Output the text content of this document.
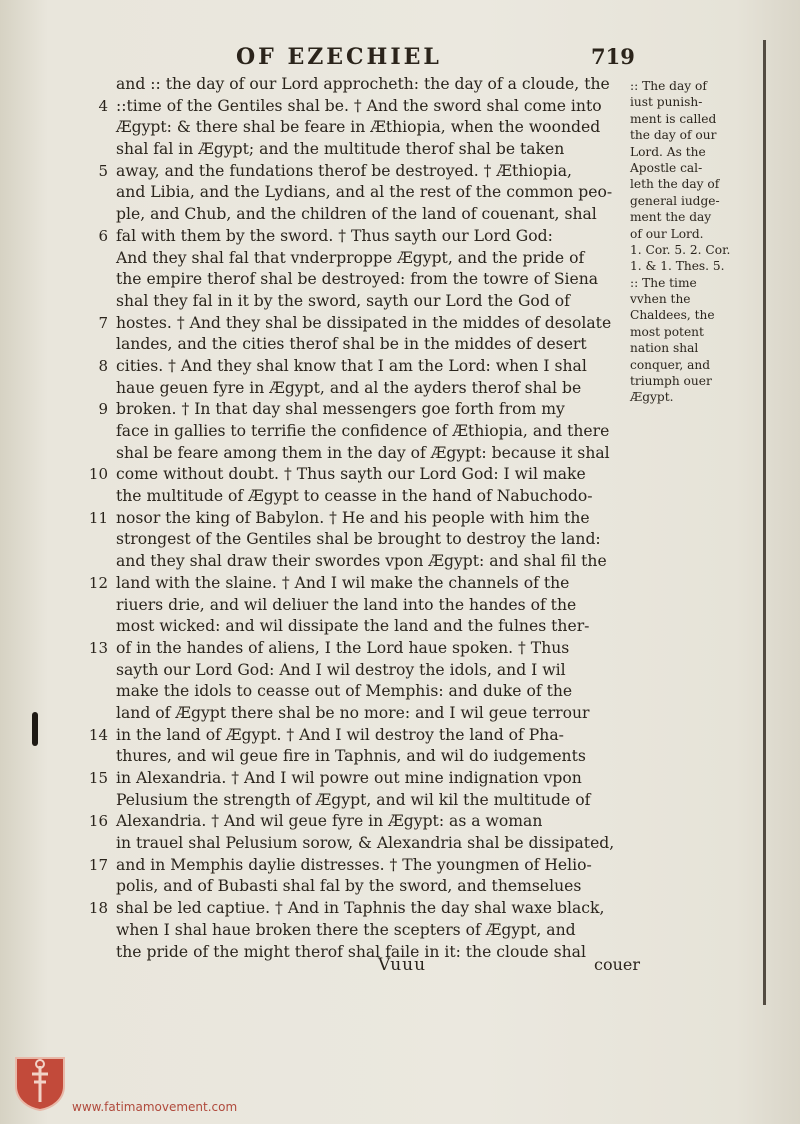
OF EZECHIEL	719
and :: the day of our Lord approcheth: the day of a cloude, the
4 ::time of the Gentiles shal be. † And the sword shal come into
Ægypt: & there shal be feare in Æthiopia, when the woonded
shal fal in Ægypt; and the multitude therof shal be taken
5 away, and the fundations therof be destroyed. † Æthiopia,
and Libia, and the Lydians, and al the rest of the common peo-
ple, and Chub, and the children of the land of couenant, shal
6 fal with them by the sword. † Thus sayth our Lord God:
And they shal fal that vnderproppe Ægypt, and the pride of
the empire therof shal be destroyed: from the towre of Siena
shal they fal in it by the sword, sayth our Lord the God of
7 hostes. † And they shal be dissipated in the middes of desolate
landes, and the cities therof shal be in the middes of desert
8 cities. † And they shal know that I am the Lord: when I shal
haue geuen fyre in Ægypt, and al the ayders therof shal be
9 broken. † In that day shal messengers goe forth from my
face in gallies to terrifie the confidence of Æthiopia, and there
shal be feare among them in the day of Ægypt: because it shal
10 come without doubt. † Thus sayth our Lord God: I wil make
the multitude of Ægypt to ceasse in the hand of Nabuchodo-
11 nosor the king of Babylon. † He and his people with him the
strongest of the Gentiles shal be brought to destroy the land:
and they shal draw their swordes vpon Ægypt: and shal fil the
12 land with the slaine. † And I wil make the channels of the
riuers drie, and wil deliuer the land into the handes of the
most wicked: and wil dissipate the land and the fulnes ther-
13 of in the handes of aliens, I the Lord haue spoken. † Thus
sayth our Lord God: And I wil destroy the idols, and I wil
make the idols to ceasse out of Memphis: and duke of the
land of Ægypt there shal be no more: and I wil geue terrour
14 in the land of Ægypt. † And I wil destroy the land of Pha-
thures, and wil geue fire in Taphnis, and wil do iudgements
15 in Alexandria. † And I wil powre out mine indignation vpon
Pelusium the strength of Ægypt, and wil kil the multitude of
16 Alexandria. † And wil geue fyre in Ægypt: as a woman
in trauel shal Pelusium sorow, & Alexandria shal be dissipated,
17 and in Memphis daylie distresses. † The youngmen of Helio-
polis, and of Bubasti shal fal by the sword, and themselues
18 shal be led captiue. † And in Taphnis the day shal waxe black,
when I shal haue broken there the scepters of Ægypt, and
the pride of the might therof shal faile in it: the cloude shal
:: The day of
iust punish-
ment is called
the day of our
Lord. As the
Apostle cal-
leth the day of
general iudge-
ment the day
of our Lord.
1. Cor. 5. 2. Cor.
1. & 1. Thes. 5.
:: The time
vvhen the
Chaldees, the
most potent
nation shal
conquer, and
triumph ouer
Ægypt.
Vuuu	couer
www.fatimamovement.com
